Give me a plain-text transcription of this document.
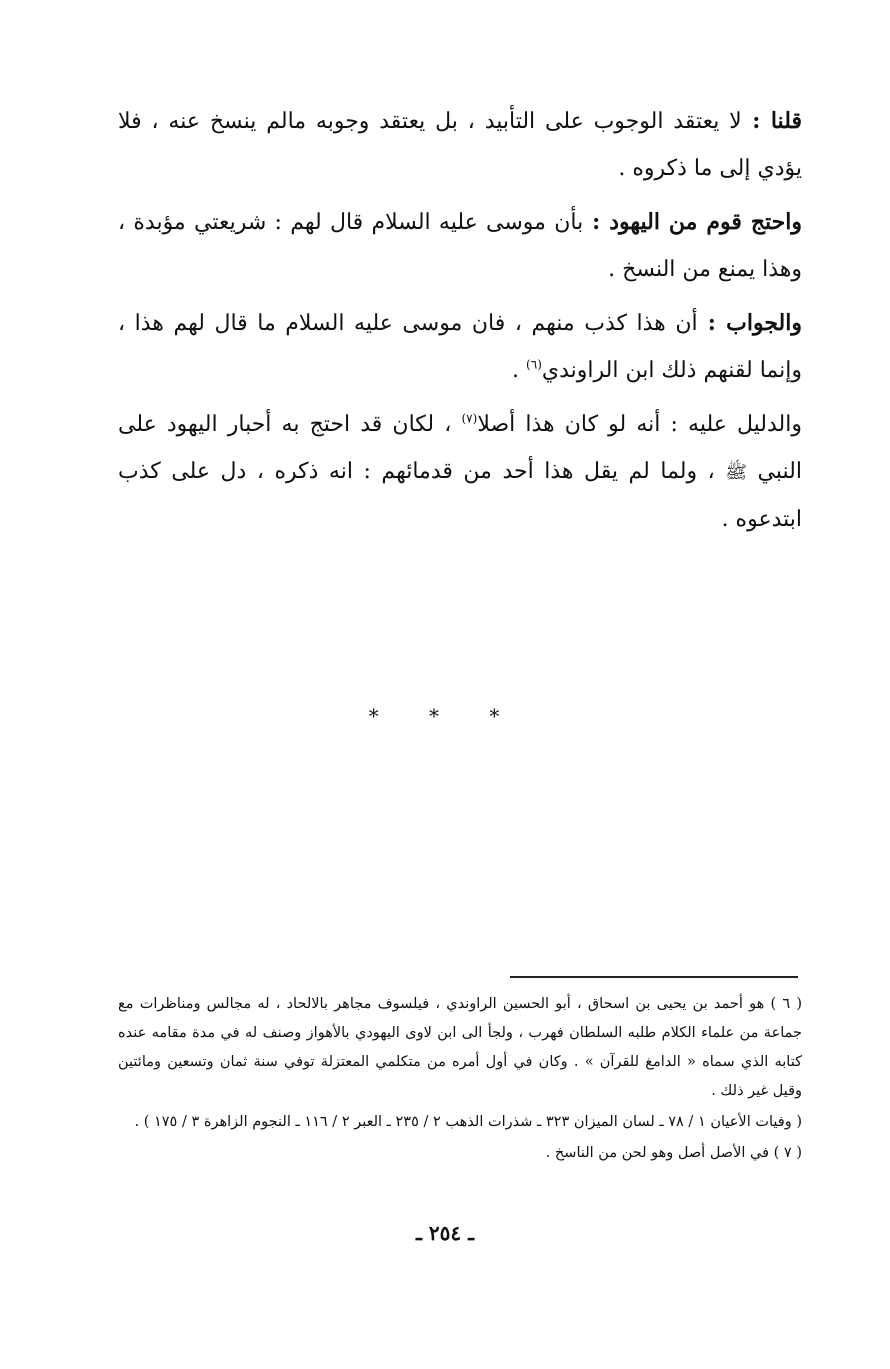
قلنا : لا يعتقد الوجوب على التأبيد ، بل يعتقد وجوبه مالم ينسخ عنه ، فلا يؤدي إلى ما ذكروه .

واحتج قوم من اليهود : بأن موسى عليه السلام قال لهم : شريعتي مؤبدة ، وهذا يمنع من النسخ .

والجواب : أن هذا كذب منهم ، فان موسى عليه السلام ما قال لهم هذا ، وإنما لقنهم ذلك ابن الراوندي$^{(٦)}$ .

والدليل عليه : أنه لو كان هذا أصلا$^{(٧)}$ ، لكان قد احتج به أحبار اليهود على النبي ﷺ ، ولما لم يقل هذا أحد من قدمائهم : انه ذكره ، دل على كذب ابتدعوه .

* * *

( ٦ ) هو أحمد بن يحيى بن اسحاق ، أبو الحسين الراوندي ، فيلسوف مجاهر بالالحاد ، له مجالس ومناظرات مع جماعة من علماء الكلام طلبه السلطان فهرب ، ولجأ الى ابن لاوى اليهودي بالأهواز وصنف له في مدة مقامه عنده كتابه الذي سماه « الدامغ للقرآن » . وكان في أول أمره من متكلمي المعتزلة توفي سنة ثمان وتسعين ومائتين وقيل غير ذلك .

( وفيات الأعيان ١ / ٧٨ ـ لسان الميزان ٣٢٣ ـ شذرات الذهب ٢ / ٢٣٥ ـ العبر ٢ / ١١٦ ـ النجوم الزاهرة ٣ / ١٧٥ ) .

( ٧ ) في الأصل أصل وهو لحن من الناسخ .

ـ ٢٥٤ ـ
